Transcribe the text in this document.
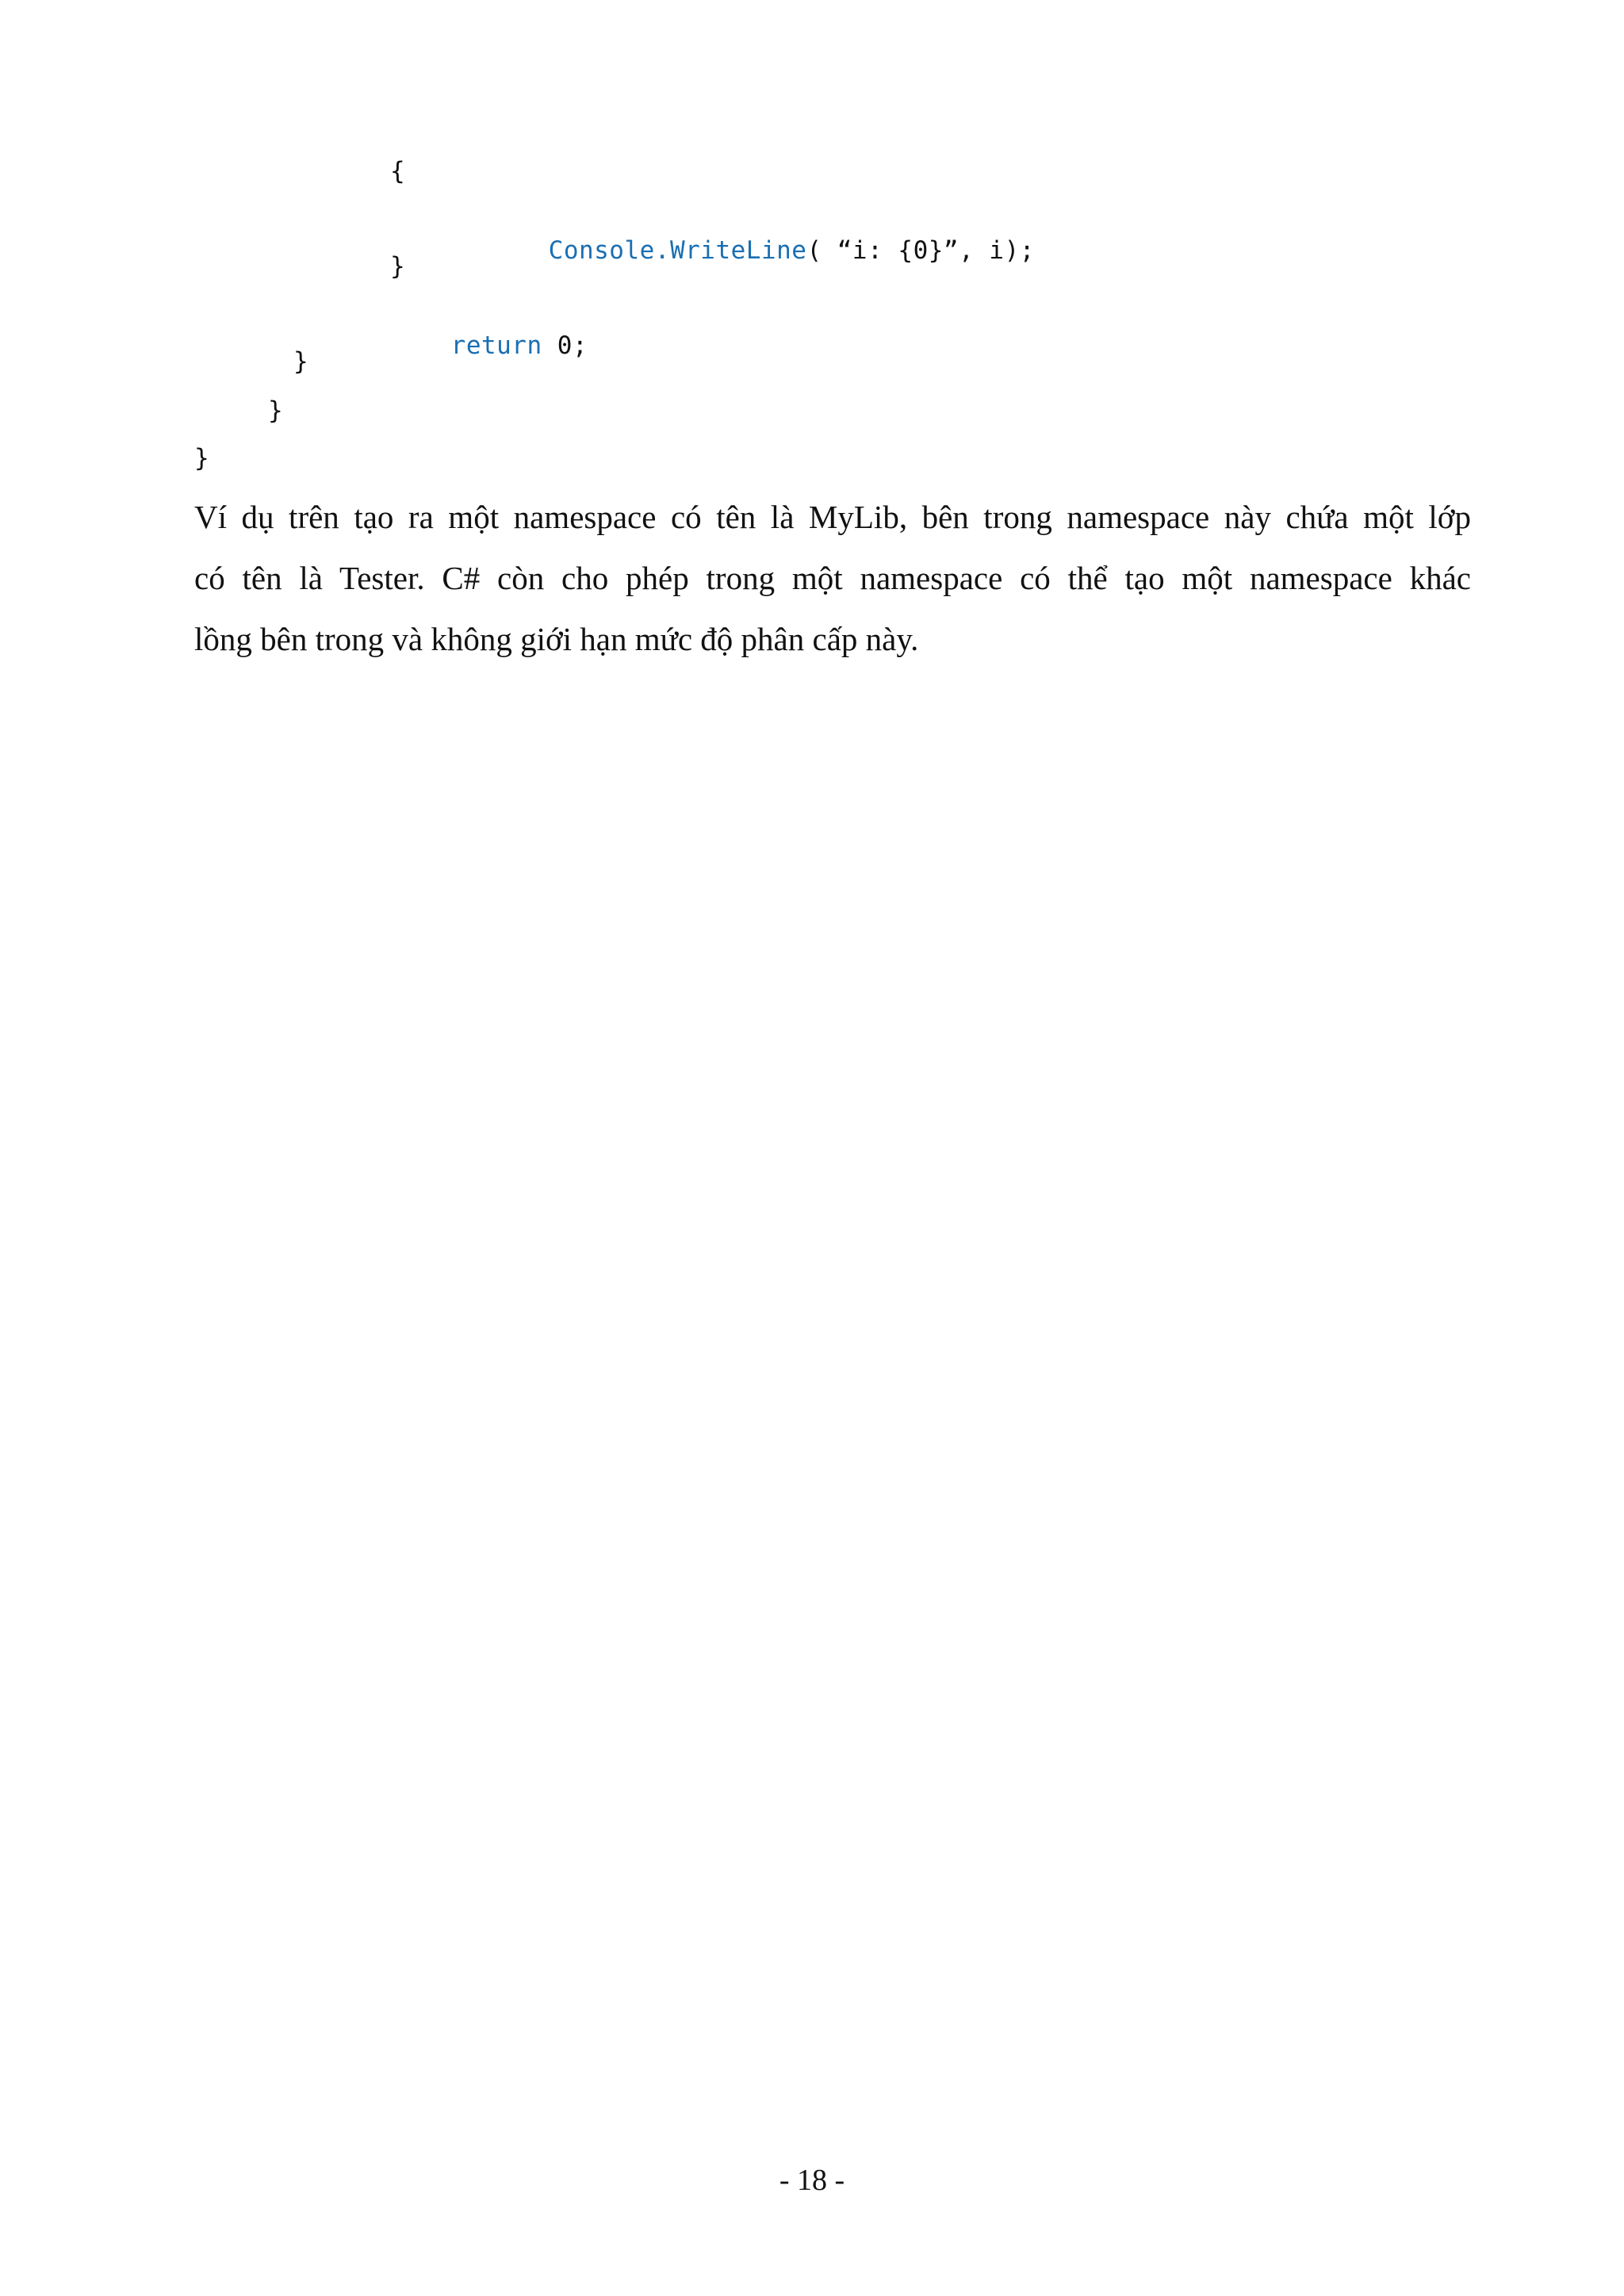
{

Console.WriteLine( “i: {0}”, i);

}

return 0;

}
}
}

Ví dụ trên tạo ra một namespace có tên là MyLib, bên trong namespace này chứa một lớp

có tên là Tester. C# còn cho phép trong một namespace có thể tạo một namespace khác

lồng bên trong và không giới hạn mức độ phân cấp này.

- 18 -
